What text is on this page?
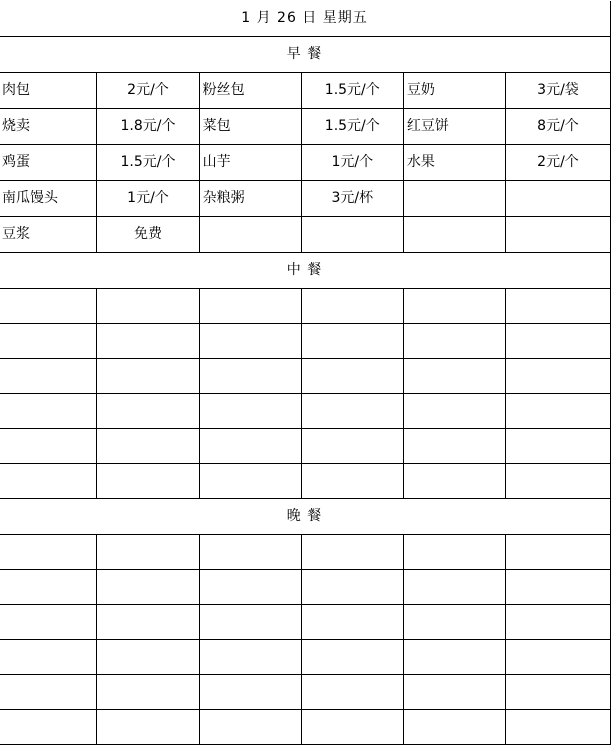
1 月 26 日 星期五					
早 餐					
肉包	2元/个	粉丝包	1.5元/个	豆奶	3元/袋
烧卖	1.8元/个	菜包	1.5元/个	红豆饼	8元/个
鸡蛋	1.5元/个	山芋	1元/个	水果	2元/个
南瓜馒头	1元/个	杂粮粥	3元/杯		
豆浆	免费				
中 餐					

晚 餐					
